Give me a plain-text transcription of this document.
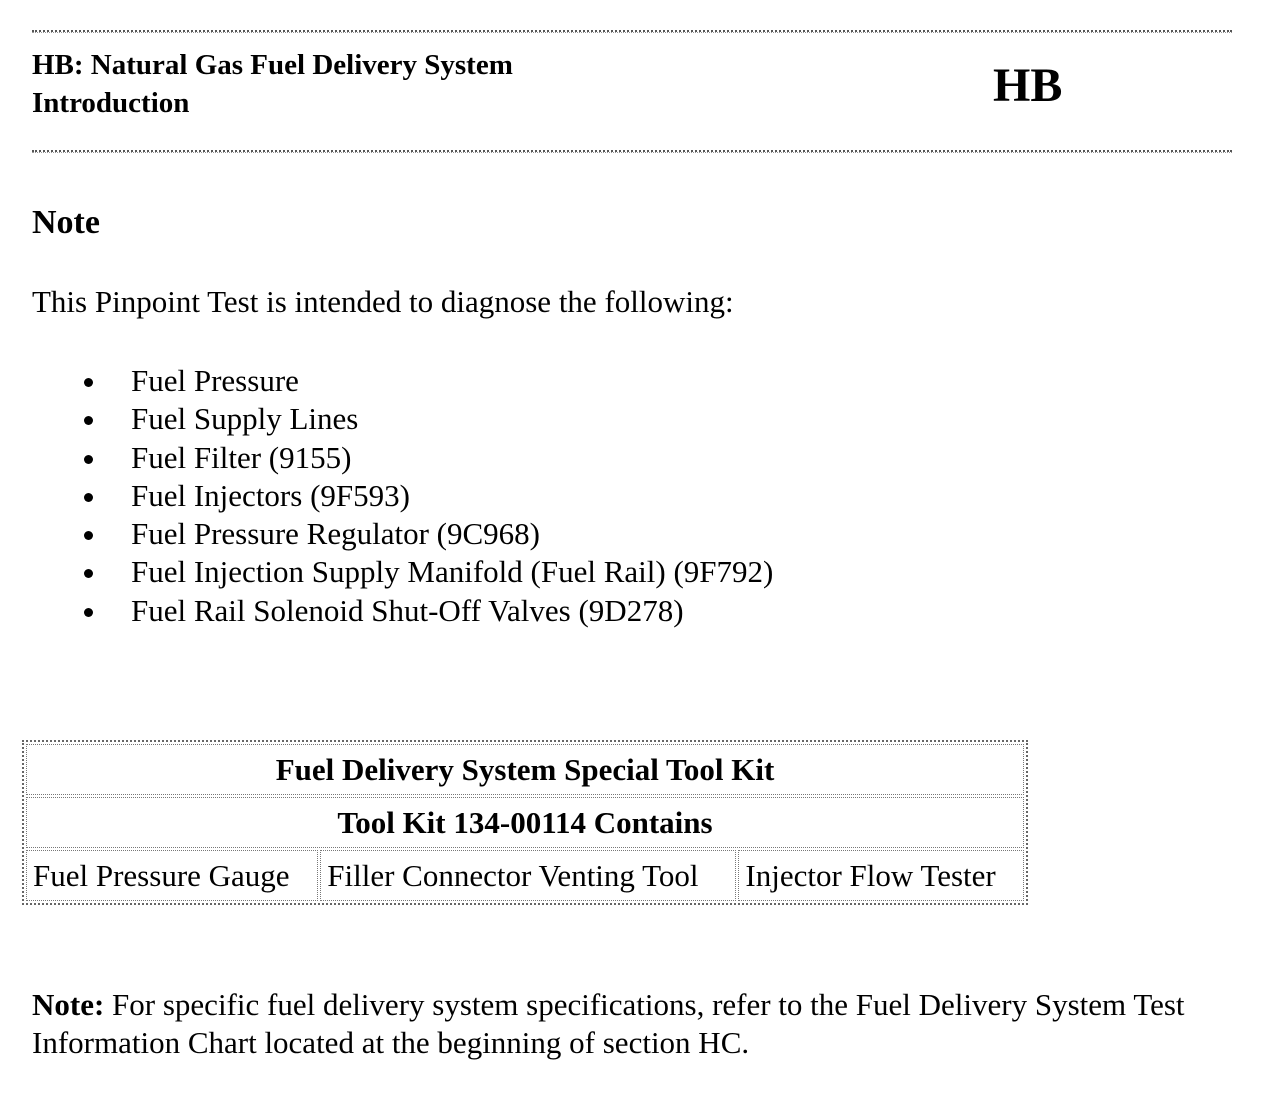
HB: Natural Gas Fuel Delivery System
Introduction	HB
Note
This Pinpoint Test is intended to diagnose the following:
Fuel Pressure
Fuel Supply Lines
Fuel Filter (9155)
Fuel Injectors (9F593)
Fuel Pressure Regulator (9C968)
Fuel Injection Supply Manifold (Fuel Rail) (9F792)
Fuel Rail Solenoid Shut-Off Valves (9D278)
Fuel Delivery System Special Tool Kit
Tool Kit 134-00114 Contains
Fuel Pressure Gauge	Filler Connector Venting Tool	Injector Flow Tester
Note: For specific fuel delivery system specifications, refer to the Fuel Delivery System Test Information Chart located at the beginning of section HC.
